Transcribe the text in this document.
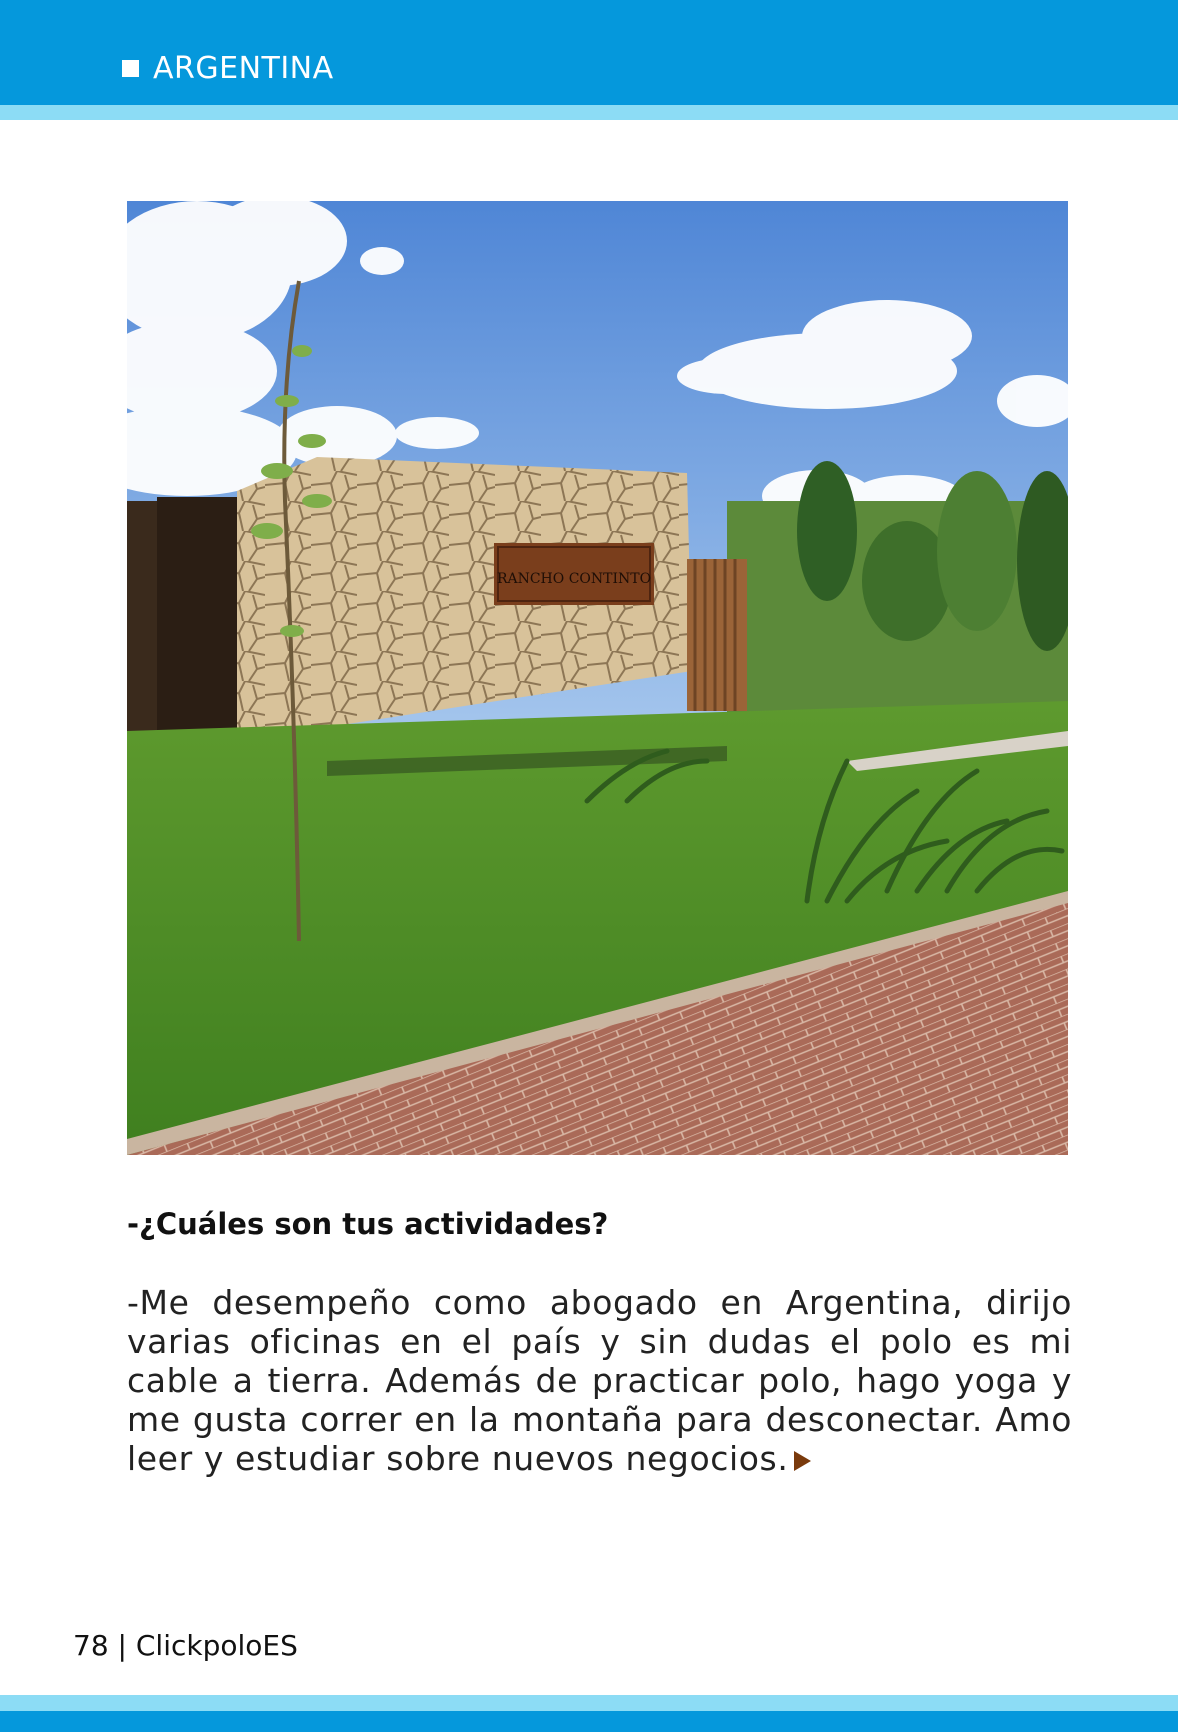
ARGENTINA
RANCHO CONTINTO
-¿Cuáles son tus actividades?

-Me desempeño como abogado en Argentina, dirijo varias oficinas en el país y sin dudas el polo es mi cable a tierra. Además de practicar polo, hago yoga y me gusta correr en la montaña para desconectar. Amo leer y estudiar sobre nuevos negocios.

78 | ClickpoloES
